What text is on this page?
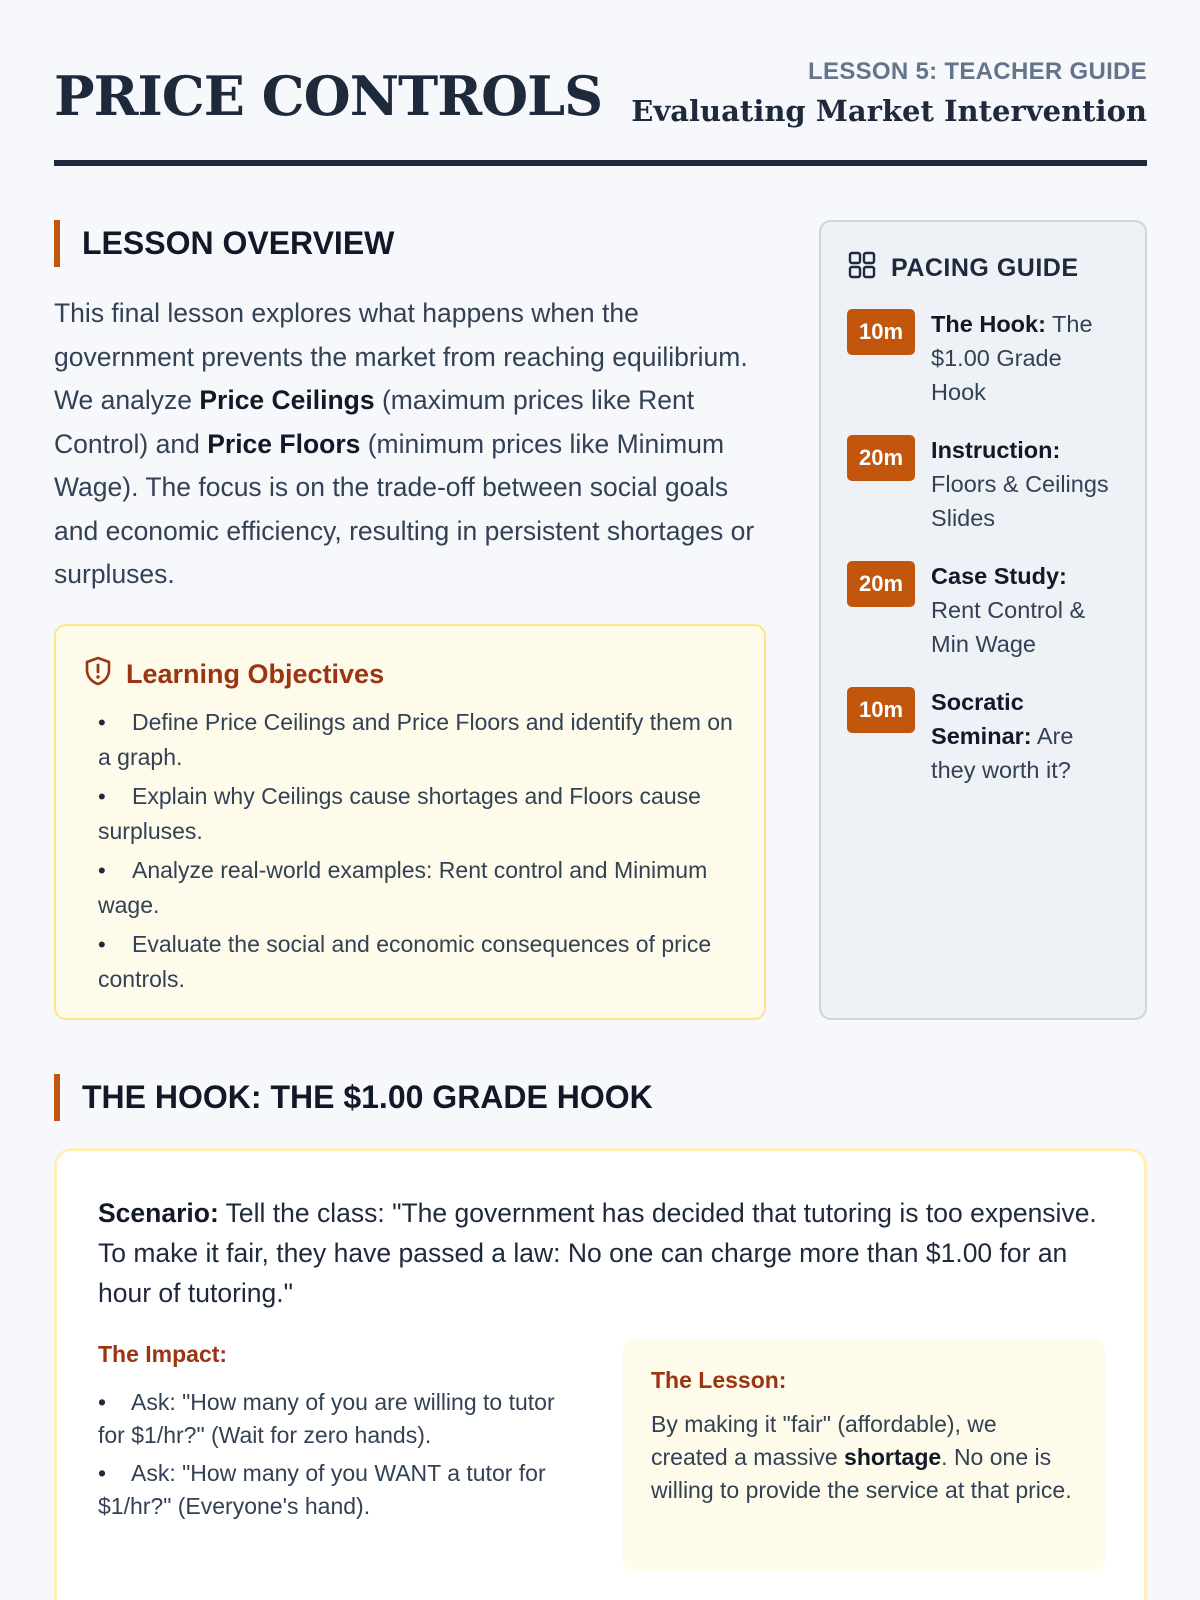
PRICE CONTROLS	LESSON 5: TEACHER GUIDE
Evaluating Market Intervention
LESSON OVERVIEW

This final lesson explores what happens when the government prevents the market from reaching equilibrium. We analyze Price Ceilings (maximum prices like Rent Control) and Price Floors (minimum prices like Minimum Wage). The focus is on the trade-off between social goals and economic efficiency, resulting in persistent shortages or surpluses.

Learning Objectives
• Define Price Ceilings and Price Floors and identify them on a graph.
• Explain why Ceilings cause shortages and Floors cause surpluses.
• Analyze real-world examples: Rent control and Minimum wage.
• Evaluate the social and economic consequences of price controls.
PACING GUIDE
10m	The Hook: The $1.00 Grade Hook
20m	Instruction: Floors & Ceilings Slides
20m	Case Study: Rent Control & Min Wage
10m	Socratic Seminar: Are they worth it?
THE HOOK: THE $1.00 GRADE HOOK

Scenario: Tell the class: "The government has decided that tutoring is too expensive. To make it fair, they have passed a law: No one can charge more than $1.00 for an hour of tutoring."

The Impact:
• Ask: "How many of you are willing to tutor for $1/hr?" (Wait for zero hands).
• Ask: "How many of you WANT a tutor for $1/hr?" (Everyone's hand).
The Lesson:

By making it "fair" (affordable), we created a massive shortage. No one is willing to provide the service at that price.
